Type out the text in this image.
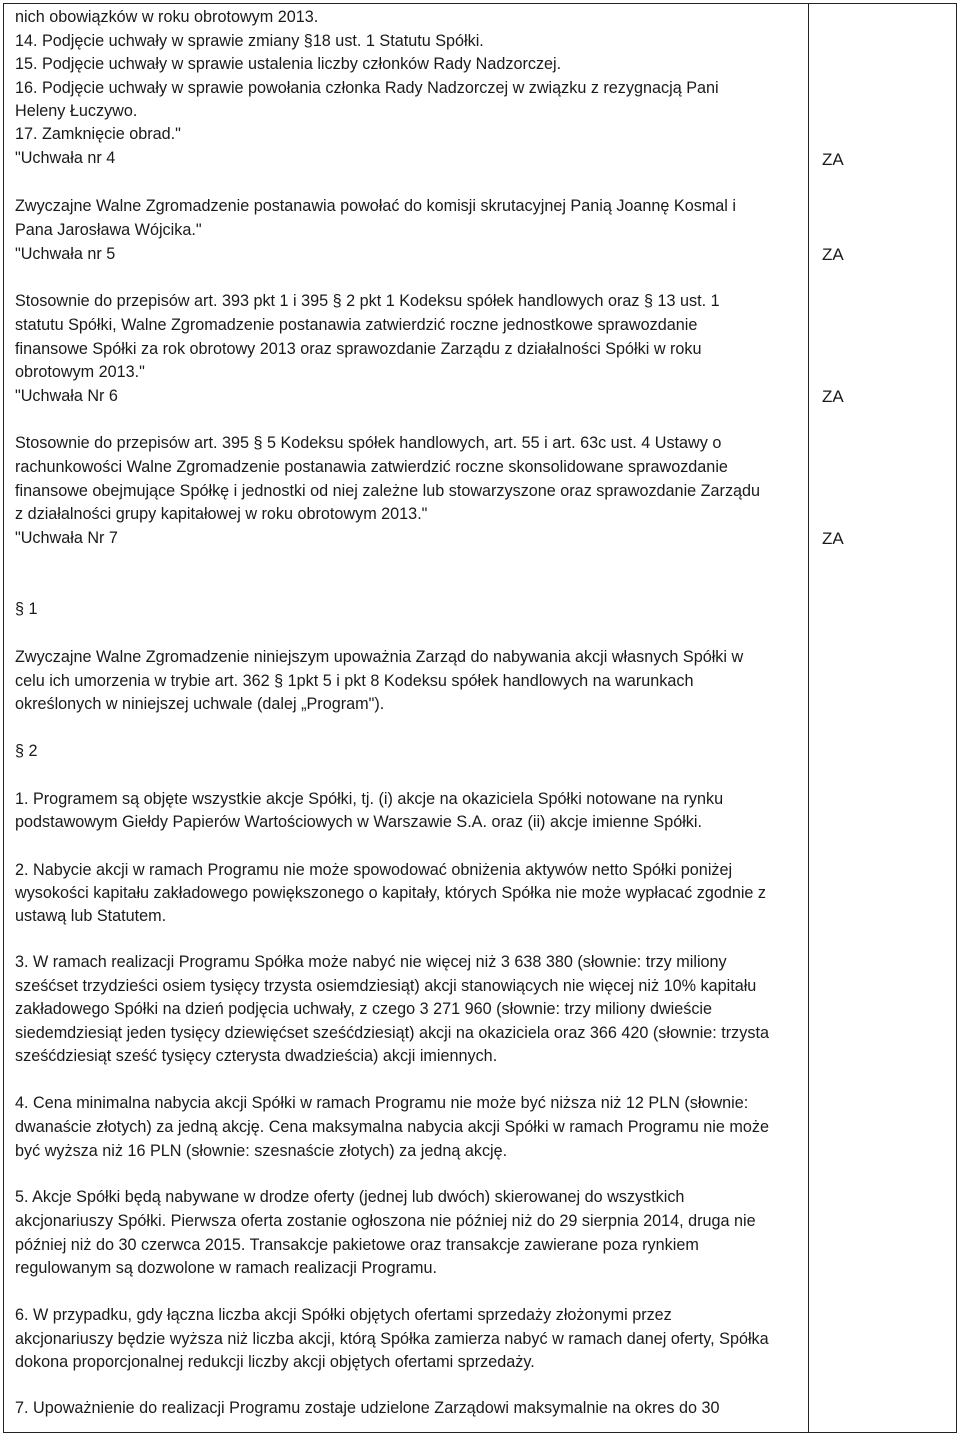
nich obowiązków w roku obrotowym 2013.
14. Podjęcie uchwały w sprawie zmiany §18 ust. 1 Statutu Spółki.
15. Podjęcie uchwały w sprawie ustalenia liczby członków Rady Nadzorczej.
16. Podjęcie uchwały w sprawie powołania członka Rady Nadzorczej w związku z rezygnacją Pani
Heleny Łuczywo.
17. Zamknięcie obrad."
"Uchwała nr 4
Zwyczajne Walne Zgromadzenie postanawia powołać do komisji skrutacyjnej Panią Joannę Kosmal i
Pana Jarosława Wójcika."
"Uchwała nr 5
Stosownie do przepisów art. 393 pkt 1 i 395 § 2 pkt 1 Kodeksu spółek handlowych oraz § 13 ust. 1
statutu Spółki, Walne Zgromadzenie postanawia zatwierdzić roczne jednostkowe sprawozdanie
finansowe Spółki za rok obrotowy 2013 oraz sprawozdanie Zarządu z działalności Spółki w roku
obrotowym 2013."
"Uchwała Nr 6
Stosownie do przepisów art. 395 § 5 Kodeksu spółek handlowych, art. 55 i art. 63c ust. 4 Ustawy o
rachunkowości Walne Zgromadzenie postanawia zatwierdzić roczne skonsolidowane sprawozdanie
finansowe obejmujące Spółkę i jednostki od niej zależne lub stowarzyszone oraz sprawozdanie Zarządu
z działalności grupy kapitałowej w roku obrotowym 2013."
"Uchwała Nr 7
§ 1
Zwyczajne Walne Zgromadzenie niniejszym upoważnia Zarząd do nabywania akcji własnych Spółki w
celu ich umorzenia w trybie art. 362 § 1pkt 5 i pkt 8 Kodeksu spółek handlowych na warunkach
określonych w niniejszej uchwale (dalej „Program").
§ 2
1. Programem są objęte wszystkie akcje Spółki, tj. (i) akcje na okaziciela Spółki notowane na rynku
podstawowym Giełdy Papierów Wartościowych w Warszawie S.A. oraz (ii) akcje imienne Spółki.
2. Nabycie akcji w ramach Programu nie może spowodować obniżenia aktywów netto Spółki poniżej
wysokości kapitału zakładowego powiększonego o kapitały, których Spółka nie może wypłacać zgodnie z
ustawą lub Statutem.
3. W ramach realizacji Programu Spółka może nabyć nie więcej niż 3 638 380 (słownie: trzy miliony
sześćset trzydzieści osiem tysięcy trzysta osiemdziesiąt) akcji stanowiących nie więcej niż 10% kapitału
zakładowego Spółki na dzień podjęcia uchwały, z czego 3 271 960 (słownie: trzy miliony dwieście
siedemdziesiąt jeden tysięcy dziewięćset sześćdziesiąt) akcji na okaziciela oraz 366 420 (słownie: trzysta
sześćdziesiąt sześć tysięcy czterysta dwadzieścia) akcji imiennych.
4. Cena minimalna nabycia akcji Spółki w ramach Programu nie może być niższa niż 12 PLN (słownie:
dwanaście złotych) za jedną akcję. Cena maksymalna nabycia akcji Spółki w ramach Programu nie może
być wyższa niż 16 PLN (słownie: szesnaście złotych) za jedną akcję.
5. Akcje Spółki będą nabywane w drodze oferty (jednej lub dwóch) skierowanej do wszystkich
akcjonariuszy Spółki. Pierwsza oferta zostanie ogłoszona nie później niż do 29 sierpnia 2014, druga nie
później niż do 30 czerwca 2015. Transakcje pakietowe oraz transakcje zawierane poza rynkiem
regulowanym są dozwolone w ramach realizacji Programu.
6. W przypadku, gdy łączna liczba akcji Spółki objętych ofertami sprzedaży złożonymi przez
akcjonariuszy będzie wyższa niż liczba akcji, którą Spółka zamierza nabyć w ramach danej oferty, Spółka
dokona proporcjonalnej redukcji liczby akcji objętych ofertami sprzedaży.
7. Upoważnienie do realizacji Programu zostaje udzielone Zarządowi maksymalnie na okres do 30
ZA
ZA
ZA
ZA
